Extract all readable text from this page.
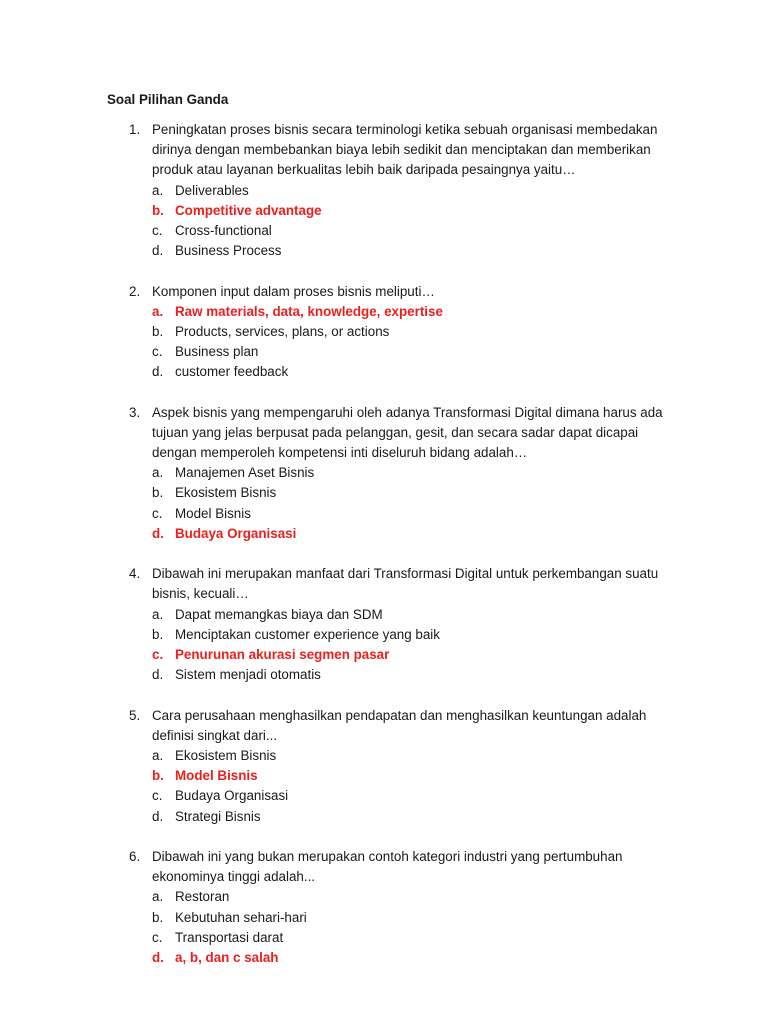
Soal Pilihan Ganda
1. Peningkatan proses bisnis secara terminologi ketika sebuah organisasi membedakan dirinya dengan membebankan biaya lebih sedikit dan menciptakan dan memberikan produk atau layanan berkualitas lebih baik daripada pesaingnya yaitu…

a. Deliverables
b. Competitive advantage
c. Cross-functional
d. Business Process
2. Komponen input dalam proses bisnis meliputi…

a. Raw materials, data, knowledge, expertise
b. Products, services, plans, or actions
c. Business plan
d. customer feedback
3. Aspek bisnis yang mempengaruhi oleh adanya Transformasi Digital dimana harus ada tujuan yang jelas berpusat pada pelanggan, gesit, dan secara sadar dapat dicapai dengan memperoleh kompetensi inti diseluruh bidang adalah…

a. Manajemen Aset Bisnis
b. Ekosistem Bisnis
c. Model Bisnis
d. Budaya Organisasi
4. Dibawah ini merupakan manfaat dari Transformasi Digital untuk perkembangan suatu bisnis, kecuali…

a. Dapat memangkas biaya dan SDM
b. Menciptakan customer experience yang baik
c. Penurunan akurasi segmen pasar
d. Sistem menjadi otomatis
5. Cara perusahaan menghasilkan pendapatan dan menghasilkan keuntungan adalah definisi singkat dari...

a. Ekosistem Bisnis
b. Model Bisnis
c. Budaya Organisasi
d. Strategi Bisnis
6. Dibawah ini yang bukan merupakan contoh kategori industri yang pertumbuhan ekonominya tinggi adalah...

a. Restoran
b. Kebutuhan sehari-hari
c. Transportasi darat
d. a, b, dan c salah
